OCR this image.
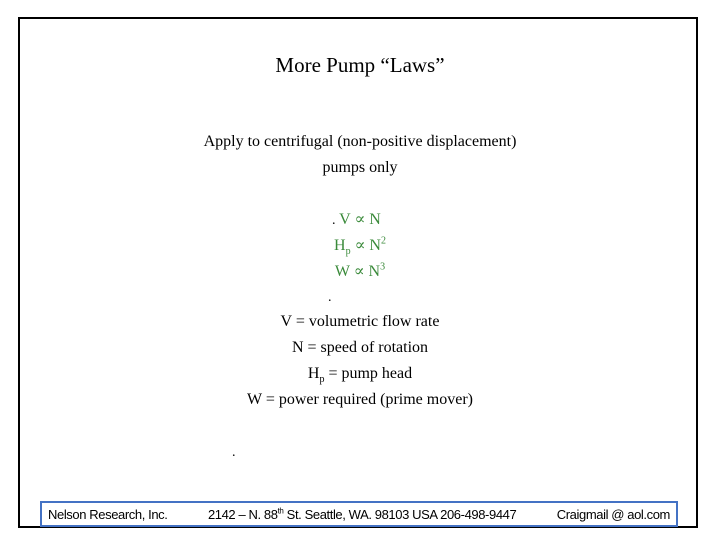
More Pump “Laws”
Apply to centrifugal (non-positive displacement)
pumps only
. V ∝ N
$H_p \propto N^2$
$W \propto N^3$
.
V = volumetric flow rate
N = speed of rotation
$H_p$ = pump head
W = power required (prime mover)
.
Nelson Research, Inc.	2142 – N. 88th St. Seattle, WA. 98103 USA 206-498-9447	Craigmail @ aol.com
